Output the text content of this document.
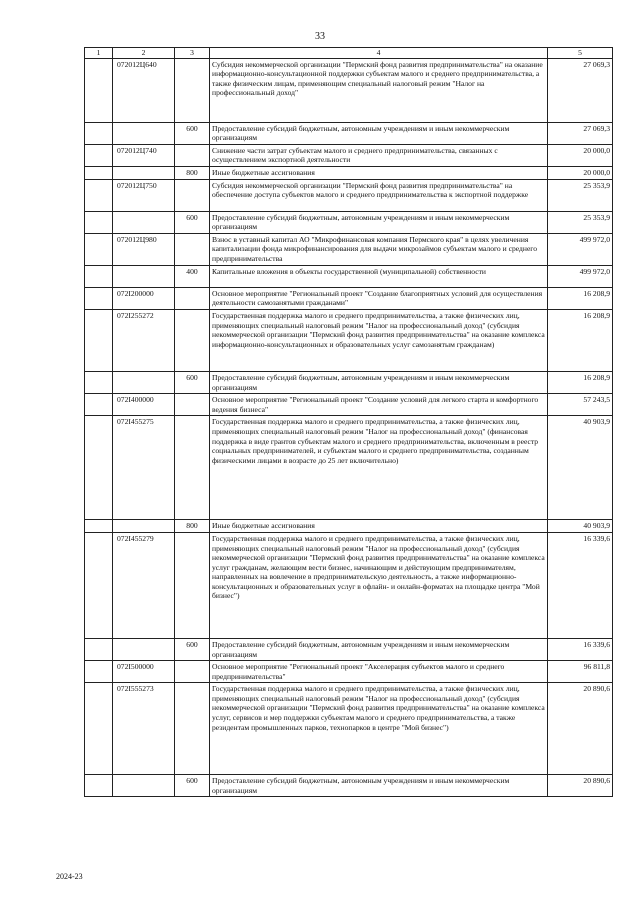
33
1	2	3	4	5
	072012Ц640		Субсидия некоммерческой организации "Пермский фонд развития предпринимательства" на оказание информационно-консультационной поддержки субъектам малого и среднего предпринимательства, а также физическим лицам, применяющим специальный налоговый режим "Налог на профессиональный доход"	27 069,3
		600	Предоставление субсидий бюджетным, автономным учреждениям и иным некоммерческим организациям	27 069,3
	072012Ц740		Снижение части затрат субъектам малого и среднего предпринимательства, связанных с осуществлением экспортной деятельности	20 000,0
		800	Иные бюджетные ассигнования	20 000,0
	072012Ц750		Субсидия некоммерческой организации "Пермский фонд развития предпринимательства" на обеспечение доступа субъектов малого и среднего предпринимательства к экспортной поддержке	25 353,9
		600	Предоставление субсидий бюджетным, автономным учреждениям и иным некоммерческим организациям	25 353,9
	072012Ц980		Взнос в уставный капитал АО "Микрофинансовая компания Пермского края" в целях увеличения капитализации фонда микрофинансирования для выдачи микрозаймов субъектам малого и среднего предпринимательства	499 972,0
		400	Капитальные вложения в объекты государственной (муниципальной) собственности	499 972,0
	072I200000		Основное мероприятие "Региональный проект "Создание благоприятных условий для осуществления деятельности самозанятыми гражданами"	16 208,9
	072I255272		Государственная поддержка малого и среднего предпринимательства, а также физических лиц, применяющих специальный налоговый режим "Налог на профессиональный доход" (субсидия некоммерческой организации "Пермский фонд развития предпринимательства" на оказание комплекса информационно-консультационных и образовательных услуг самозанятым гражданам)	16 208,9
		600	Предоставление субсидий бюджетным, автономным учреждениям и иным некоммерческим организациям	16 208,9
	072I400000		Основное мероприятие "Региональный проект "Создание условий для легкого старта и комфортного ведения бизнеса"	57 243,5
	072I455275		Государственная поддержка малого и среднего предпринимательства, а также физических лиц, применяющих специальный налоговый режим "Налог на профессиональный доход" (финансовая поддержка в виде грантов субъектам малого и среднего предпринимательства, включенным в реестр социальных предпринимателей, и субъектам малого и среднего предпринимательства, созданным физическими лицами в возрасте до 25 лет включительно)	40 903,9
		800	Иные бюджетные ассигнования	40 903,9
	072I455279		Государственная поддержка малого и среднего предпринимательства, а также физических лиц, применяющих специальный налоговый режим "Налог на профессиональный доход" (субсидия некоммерческой организации "Пермский фонд развития предпринимательства" на оказание комплекса услуг гражданам, желающим вести бизнес, начинающим и действующим предпринимателям, направленных на вовлечение в предпринимательскую деятельность, а также информационно-консультационных и образовательных услуг в офлайн- и онлайн-форматах на площадке центра "Мой бизнес")	16 339,6
		600	Предоставление субсидий бюджетным, автономным учреждениям и иным некоммерческим организациям	16 339,6
	072I500000		Основное мероприятие "Региональный проект "Акселерация субъектов малого и среднего предпринимательства"	96 811,8
	072I555273		Государственная поддержка малого и среднего предпринимательства, а также физических лиц, применяющих специальный налоговый режим "Налог на профессиональный доход" (субсидия некоммерческой организации "Пермский фонд развития предпринимательства" на оказание комплекса услуг, сервисов и мер поддержки субъектам малого и среднего предпринимательства, а также резидентам промышленных парков, технопарков в центре "Мой бизнес")	20 890,6
		600	Предоставление субсидий бюджетным, автономным учреждениям и иным некоммерческим организациям	20 890,6
2024-23
